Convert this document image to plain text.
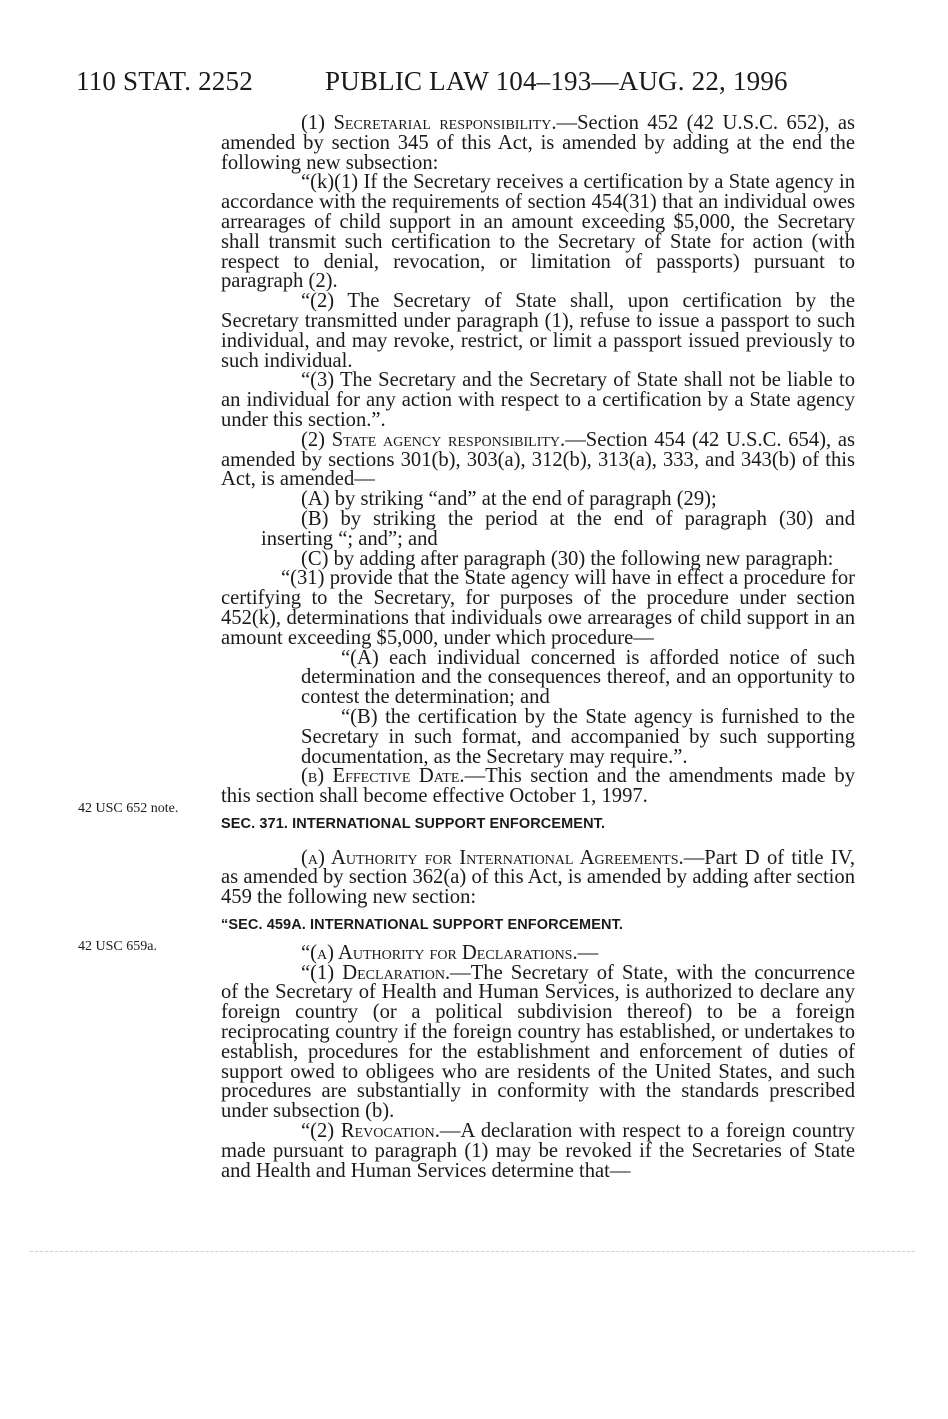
110 STAT. 2252	PUBLIC LAW 104–193—AUG. 22, 1996
42 USC 652 note.
42 USC 659a.

(1) Secretarial responsibility.—Section 452 (42 U.S.C. 652), as amended by section 345 of this Act, is amended by adding at the end the following new subsection:

“(k)(1) If the Secretary receives a certification by a State agency in accordance with the requirements of section 454(31) that an individual owes arrearages of child support in an amount exceeding $5,000, the Secretary shall transmit such certification to the Secretary of State for action (with respect to denial, revocation, or limitation of passports) pursuant to paragraph (2).

“(2) The Secretary of State shall, upon certification by the Secretary transmitted under paragraph (1), refuse to issue a passport to such individual, and may revoke, restrict, or limit a passport issued previously to such individual.

“(3) The Secretary and the Secretary of State shall not be liable to an individual for any action with respect to a certification by a State agency under this section.”.

(2) State agency responsibility.—Section 454 (42 U.S.C. 654), as amended by sections 301(b), 303(a), 312(b), 313(a), 333, and 343(b) of this Act, is amended—

(A) by striking “and” at the end of paragraph (29);

(B) by striking the period at the end of paragraph (30) and inserting “; and”; and

(C) by adding after paragraph (30) the following new paragraph:

“(31) provide that the State agency will have in effect a procedure for certifying to the Secretary, for purposes of the procedure under section 452(k), determinations that individuals owe arrearages of child support in an amount exceeding $5,000, under which procedure—

“(A) each individual concerned is afforded notice of such determination and the consequences thereof, and an opportunity to contest the determination; and

“(B) the certification by the State agency is furnished to the Secretary in such format, and accompanied by such supporting documentation, as the Secretary may require.”.

(b) Effective Date.—This section and the amendments made by this section shall become effective October 1, 1997.

SEC. 371. INTERNATIONAL SUPPORT ENFORCEMENT.

(a) Authority for International Agreements.—Part D of title IV, as amended by section 362(a) of this Act, is amended by adding after section 459 the following new section:

“SEC. 459A. INTERNATIONAL SUPPORT ENFORCEMENT.

“(a) Authority for Declarations.—

“(1) Declaration.—The Secretary of State, with the concurrence of the Secretary of Health and Human Services, is authorized to declare any foreign country (or a political subdivision thereof) to be a foreign reciprocating country if the foreign country has established, or undertakes to establish, procedures for the establishment and enforcement of duties of support owed to obligees who are residents of the United States, and such procedures are substantially in conformity with the standards prescribed under subsection (b).

“(2) Revocation.—A declaration with respect to a foreign country made pursuant to paragraph (1) may be revoked if the Secretaries of State and Health and Human Services determine that—
